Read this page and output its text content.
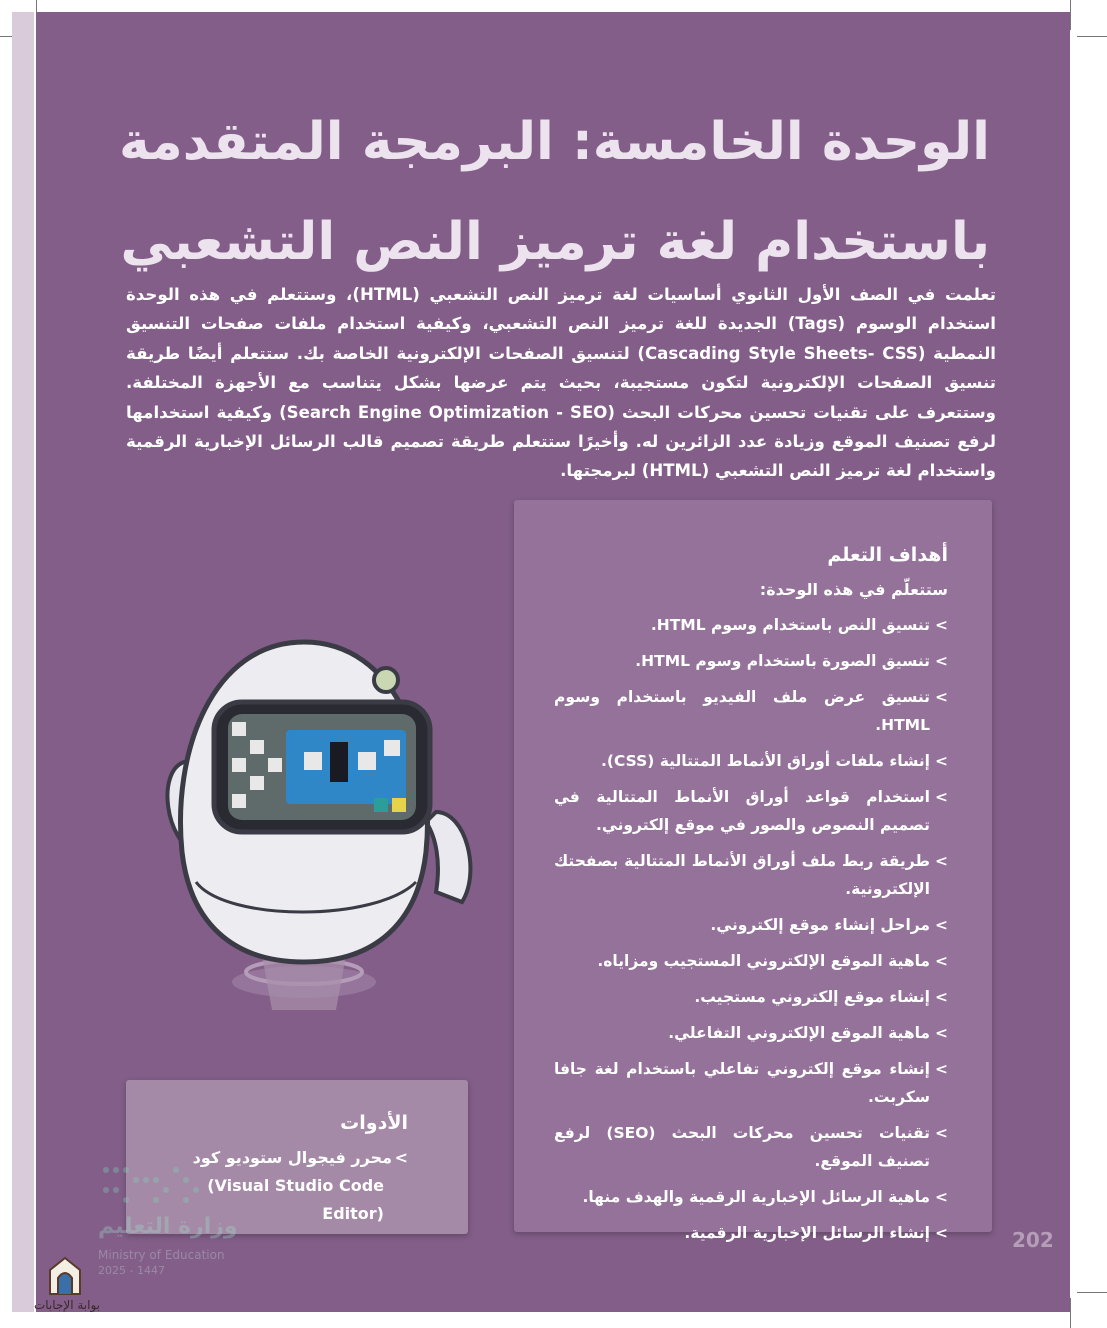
الوحدة الخامسة: البرمجة المتقدمة
باستخدام لغة ترميز النص التشعبي

تعلمت في الصف الأول الثانوي أساسيات لغة ترميز النص التشعبي (HTML)، وستتعلم في هذه الوحدة استخدام الوسوم (Tags) الجديدة للغة ترميز النص التشعبي، وكيفية استخدام ملفات صفحات التنسيق النمطية (Cascading Style Sheets- CSS) لتنسيق الصفحات الإلكترونية الخاصة بك. ستتعلم أيضًا طريقة تنسيق الصفحات الإلكترونية لتكون مستجيبة، بحيث يتم عرضها بشكل يتناسب مع الأجهزة المختلفة. وستتعرف على تقنيات تحسين محركات البحث (Search Engine Optimization - SEO) وكيفية استخدامها لرفع تصنيف الموقع وزيادة عدد الزائرين له. وأخيرًا ستتعلم طريقة تصميم قالب الرسائل الإخبارية الرقمية واستخدام لغة ترميز النص التشعبي (HTML) لبرمجتها.

أهداف التعلم
ستتعلّم في هذه الوحدة:
>
تنسيق النص باستخدام وسوم HTML.
>
تنسيق الصورة باستخدام وسوم HTML.
>
تنسيق عرض ملف الفيديو باستخدام وسوم HTML.
>
إنشاء ملفات أوراق الأنماط المتتالية (CSS).
>
استخدام قواعد أوراق الأنماط المتتالية في تصميم النصوص والصور في موقع إلكتروني.
>
طريقة ربط ملف أوراق الأنماط المتتالية بصفحتك الإلكترونية.
>
مراحل إنشاء موقع إلكتروني.
>
ماهية الموقع الإلكتروني المستجيب ومزاياه.
>
إنشاء موقع إلكتروني مستجيب.
>
ماهية الموقع الإلكتروني التفاعلي.
>
إنشاء موقع إلكتروني تفاعلي باستخدام لغة جافا سكربت.
>
تقنيات تحسين محركات البحث (SEO) لرفع تصنيف الموقع.
>
ماهية الرسائل الإخبارية الرقمية والهدف منها.
>
إنشاء الرسائل الإخبارية الرقمية.
الأدوات
>
محرر فيجوال ستوديو كود
(Visual Studio Code Editor)
202
وزارة التعليم
Ministry of Education
2025 - 1447
بوابة الإجابات
